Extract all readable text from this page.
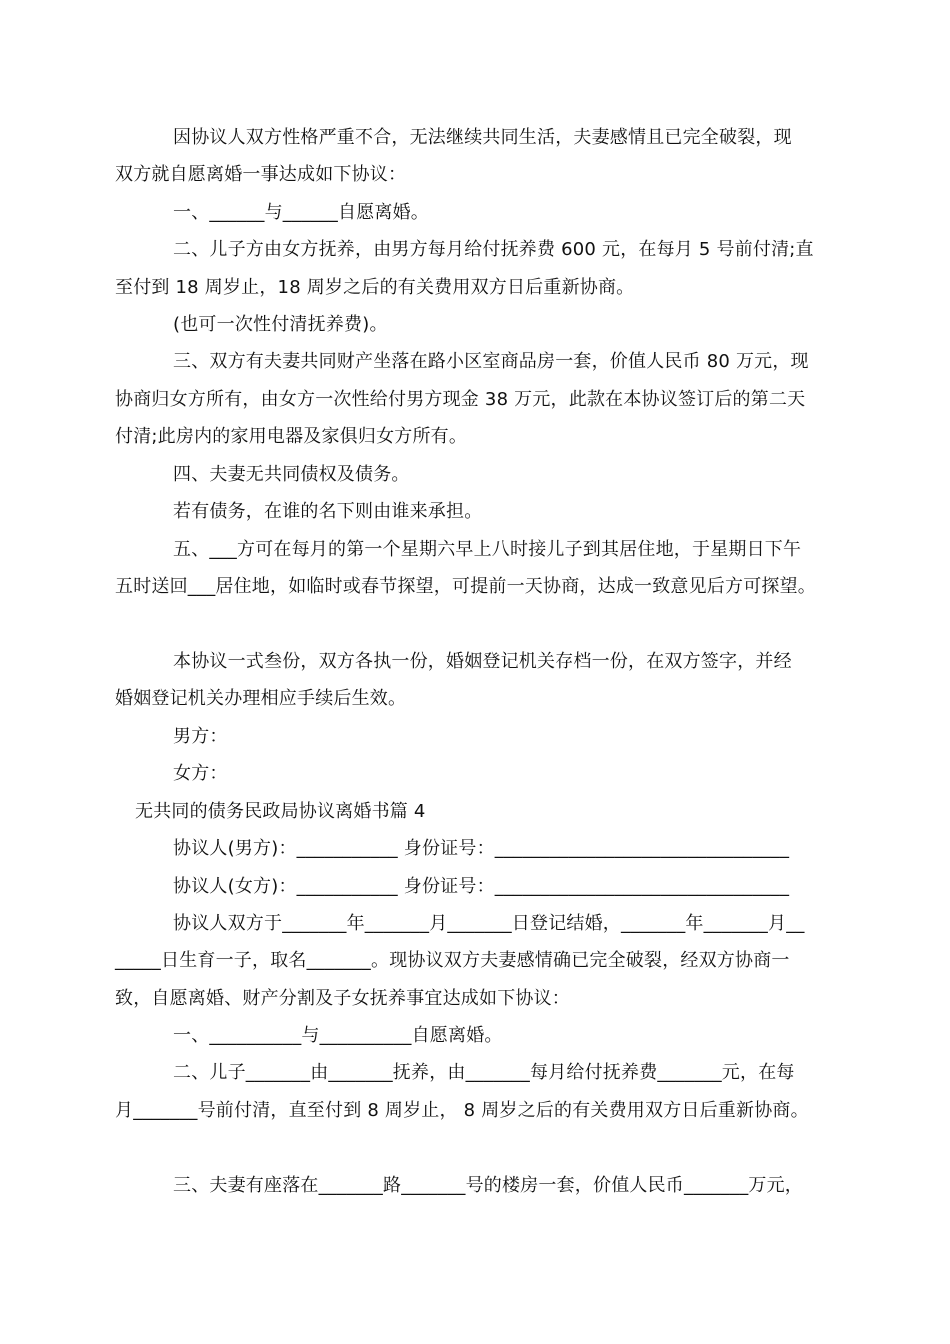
因协议人双方性格严重不合，无法继续共同生活，夫妻感情且已完全破裂，现
双方就自愿离婚一事达成如下协议：
一、______与______自愿离婚。
二、儿子方由女方抚养，由男方每月给付抚养费 600 元，在每月 5 号前付清;直
至付到 18 周岁止，18 周岁之后的有关费用双方日后重新协商。
(也可一次性付清抚养费)。
三、双方有夫妻共同财产坐落在路小区室商品房一套，价值人民币 80 万元，现
协商归女方所有，由女方一次性给付男方现金 38 万元，此款在本协议签订后的第二天
付清;此房内的家用电器及家俱归女方所有。
四、夫妻无共同债权及债务。
若有债务，在谁的名下则由谁来承担。
五、___方可在每月的第一个星期六早上八时接儿子到其居住地，于星期日下午
五时送回___居住地，如临时或春节探望，可提前一天协商，达成一致意见后方可探望。
本协议一式叁份，双方各执一份，婚姻登记机关存档一份，在双方签字，并经
婚姻登记机关办理相应手续后生效。
男方：
女方：
无共同的债务民政局协议离婚书篇 4
协议人(男方)：___________ 身份证号：________________________________
协议人(女方)：___________ 身份证号：________________________________
协议人双方于_______年_______月_______日登记结婚，_______年_______月__
_____日生育一子，取名_______。现协议双方夫妻感情确已完全破裂，经双方协商一
致，自愿离婚、财产分割及子女抚养事宜达成如下协议：
一、__________与__________自愿离婚。
二、儿子_______由_______抚养，由_______每月给付抚养费_______元，在每
月_______号前付清，直至付到 8 周岁止， 8 周岁之后的有关费用双方日后重新协商。
三、夫妻有座落在_______路_______号的楼房一套，价值人民币_______万元，
